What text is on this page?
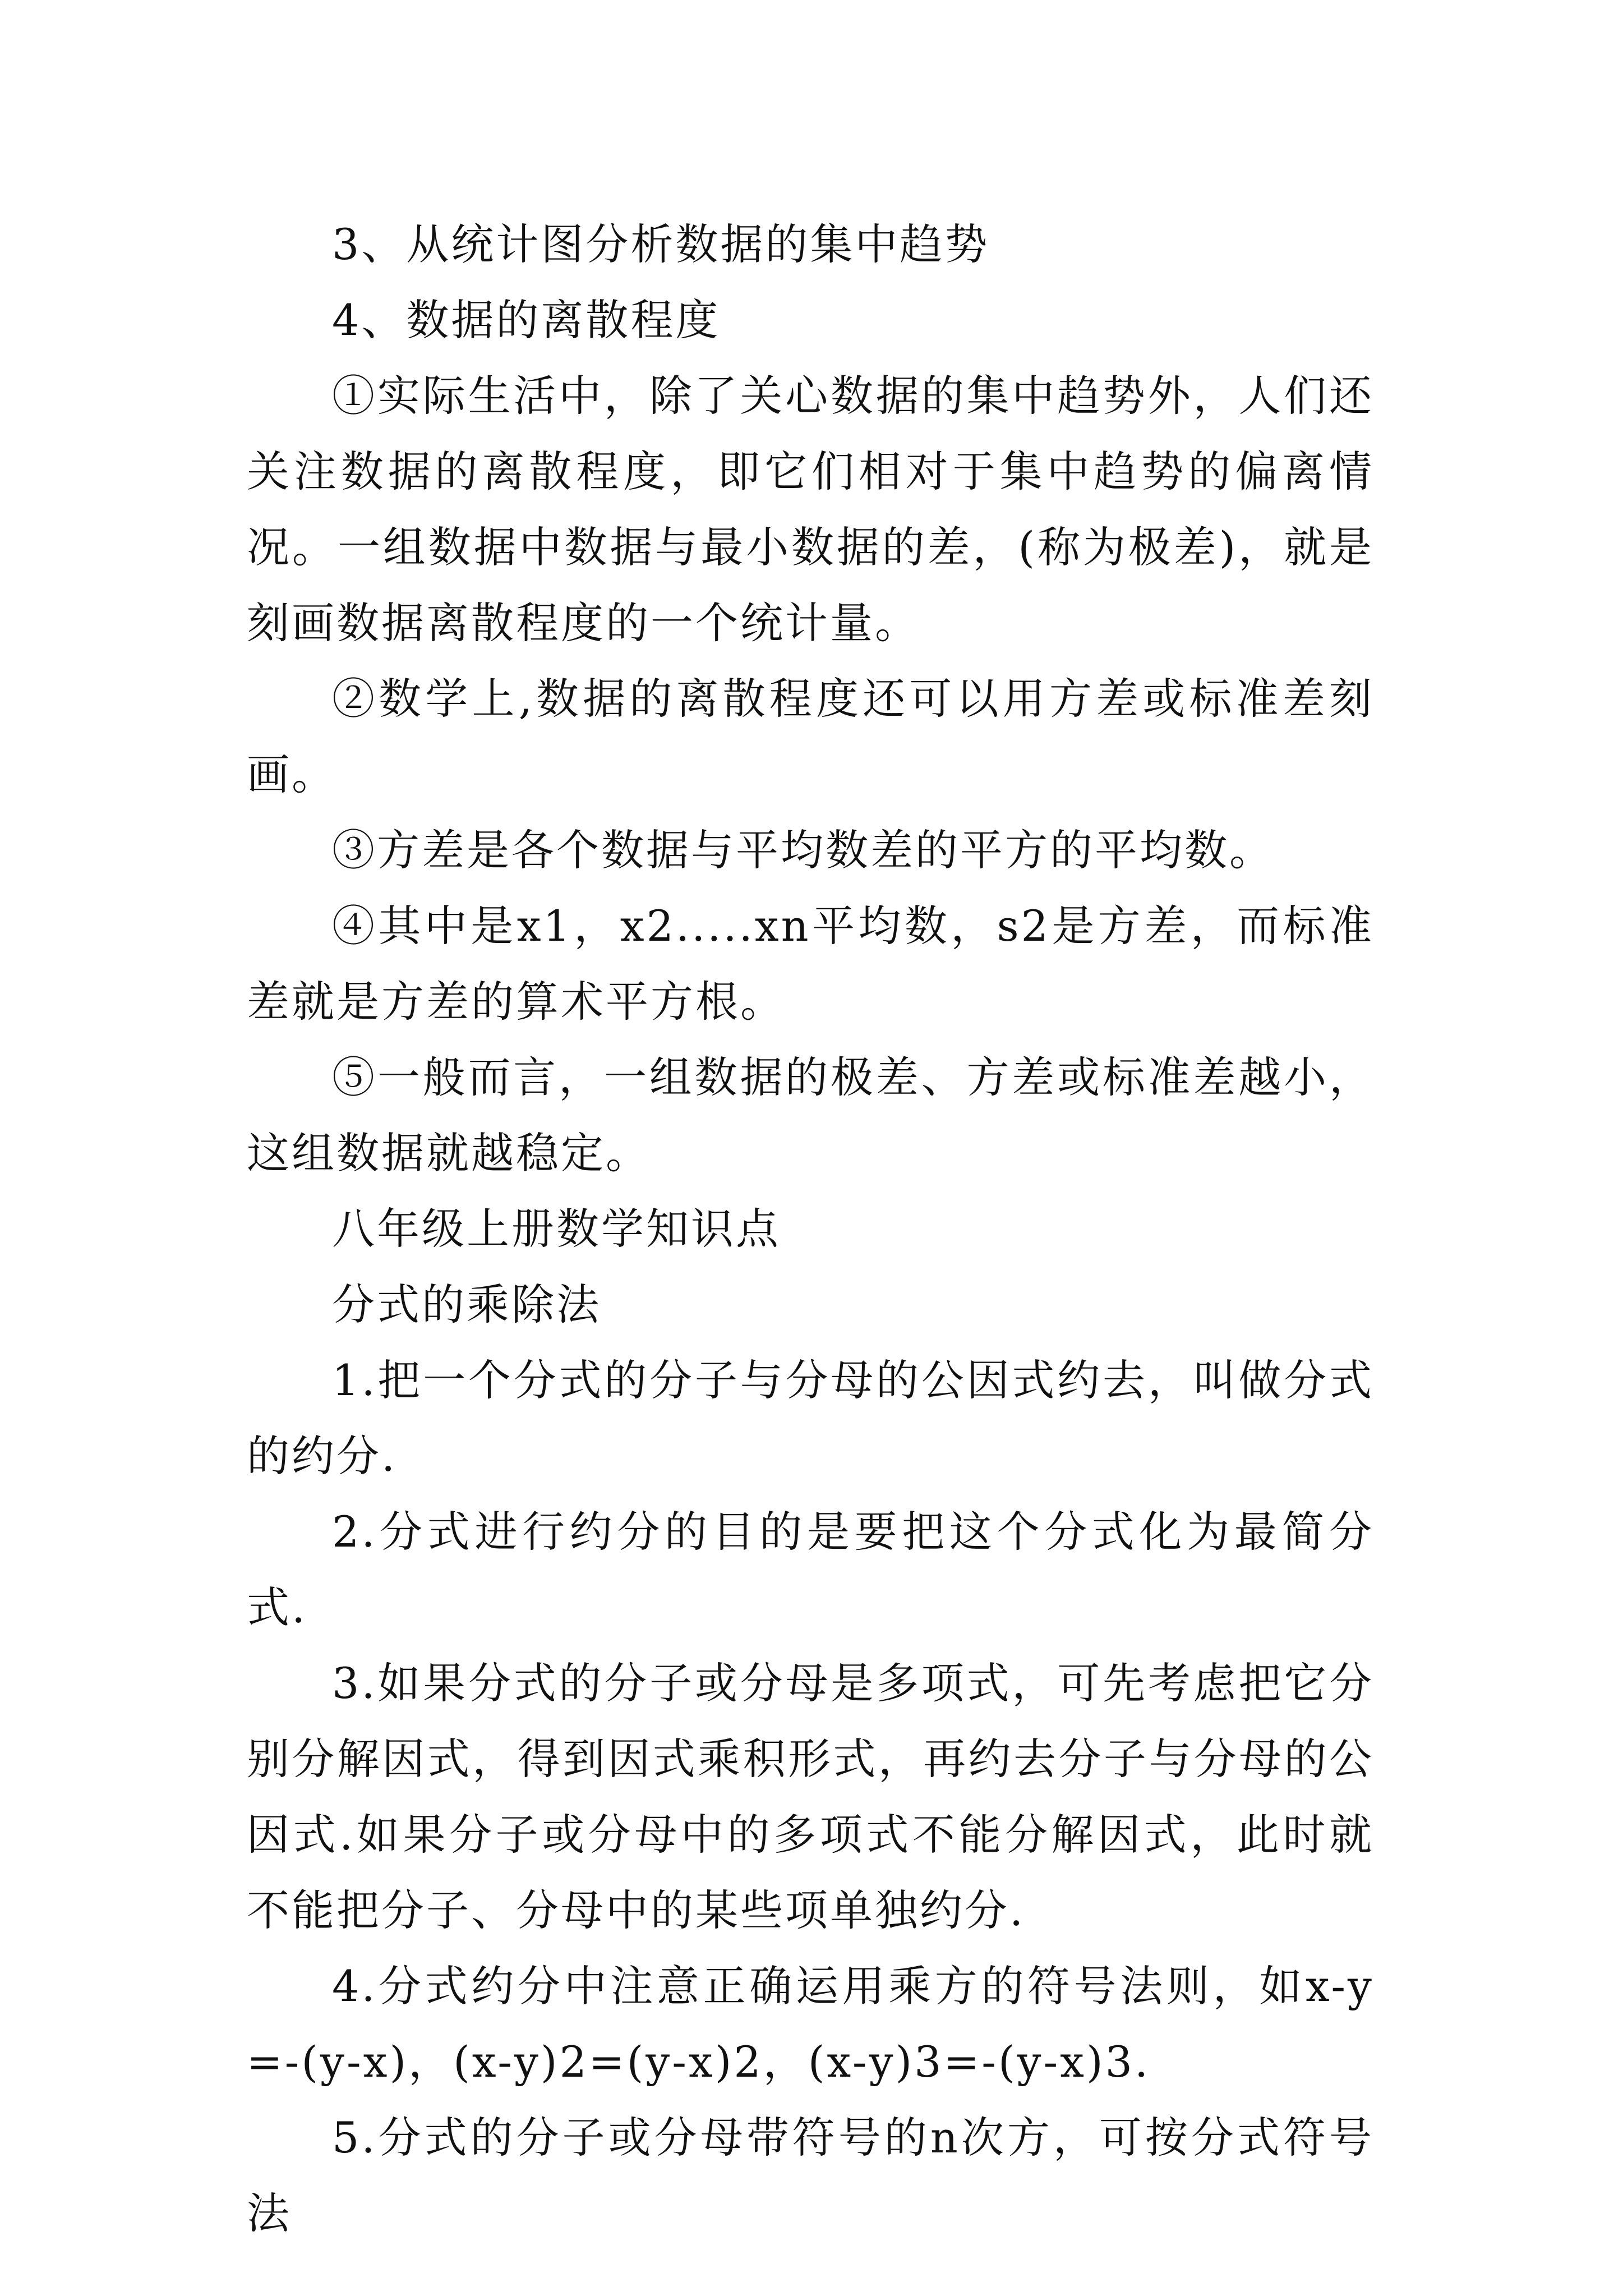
3、从统计图分析数据的集中趋势

4、数据的离散程度

①实际生活中，除了关心数据的集中趋势外，人们还关注数据的离散程度，即它们相对于集中趋势的偏离情况。一组数据中数据与最小数据的差，(称为极差)，就是刻画数据离散程度的一个统计量。

②数学上,数据的离散程度还可以用方差或标准差刻画。

③方差是各个数据与平均数差的平方的平均数。

④其中是x1，x2.....xn平均数，s2是方差，而标准差就是方差的算术平方根。

⑤一般而言，一组数据的极差、方差或标准差越小，这组数据就越稳定。

八年级上册数学知识点

分式的乘除法

1.把一个分式的分子与分母的公因式约去，叫做分式的约分.

2.分式进行约分的目的是要把这个分式化为最简分式.

3.如果分式的分子或分母是多项式，可先考虑把它分别分解因式，得到因式乘积形式，再约去分子与分母的公因式.如果分子或分母中的多项式不能分解因式，此时就不能把分子、分母中的某些项单独约分.

4.分式约分中注意正确运用乘方的符号法则，如x-y=-(y-x)，(x-y)2=(y-x)2，(x-y)3=-(y-x)3.

5.分式的分子或分母带符号的n次方，可按分式符号法
